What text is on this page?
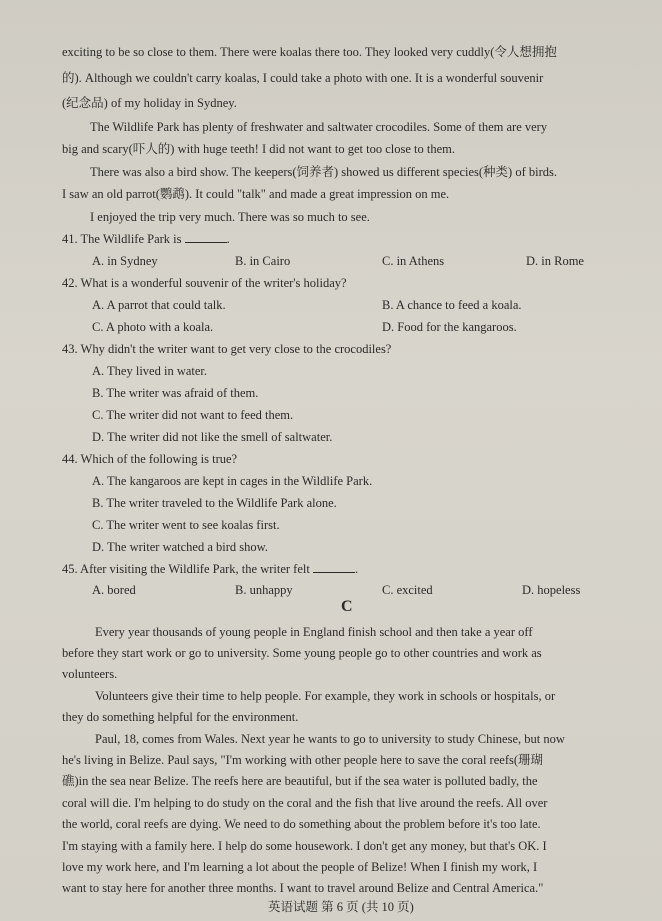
exciting to be so close to them. There were koalas there too. They looked very cuddly(令人想拥抱
的). Although we couldn't carry koalas, I could take a photo with one. It is a wonderful souvenir
(纪念品) of my holiday in Sydney.
The Wildlife Park has plenty of freshwater and saltwater crocodiles. Some of them are very
big and scary(吓人的) with huge teeth! I did not want to get too close to them.
There was also a bird show. The keepers(饲养者) showed us different species(种类) of birds.
I saw an old parrot(鹦鹉). It could "talk" and made a great impression on me.
I enjoyed the trip very much. There was so much to see.
41. The Wildlife Park is	.
A. in Sydney	B. in Cairo	C. in Athens	D. in Rome
42. What is a wonderful souvenir of the writer's holiday?
A. A parrot that could talk.	B. A chance to feed a koala.
C. A photo with a koala.	D. Food for the kangaroos.
43. Why didn't the writer want to get very close to the crocodiles?
A. They lived in water.
B. The writer was afraid of them.
C. The writer did not want to feed them.
D. The writer did not like the smell of saltwater.
44. Which of the following is true?
A. The kangaroos are kept in cages in the Wildlife Park.
B. The writer traveled to the Wildlife Park alone.
C. The writer went to see koalas first.
D. The writer watched a bird show.
45. After visiting the Wildlife Park, the writer felt	.
A. bored	B. unhappy	C. excited	D. hopeless
C
Every year thousands of young people in England finish school and then take a year off
before they start work or go to university. Some young people go to other countries and work as
volunteers.
Volunteers give their time to help people. For example, they work in schools or hospitals, or
they do something helpful for the environment.
Paul, 18, comes from Wales. Next year he wants to go to university to study Chinese, but now
he's living in Belize. Paul says, "I'm working with other people here to save the coral reefs(珊瑚
礁)in the sea near Belize. The reefs here are beautiful, but if the sea water is polluted badly, the
coral will die. I'm helping to do study on the coral and the fish that live around the reefs. All over
the world, coral reefs are dying. We need to do something about the problem before it's too late.
I'm staying with a family here. I help do some housework. I don't get any money, but that's OK. I
love my work here, and I'm learning a lot about the people of Belize! When I finish my work, I
want to stay here for another three months. I want to travel around Belize and Central America."
英语试题 第 6 页 (共 10 页)
